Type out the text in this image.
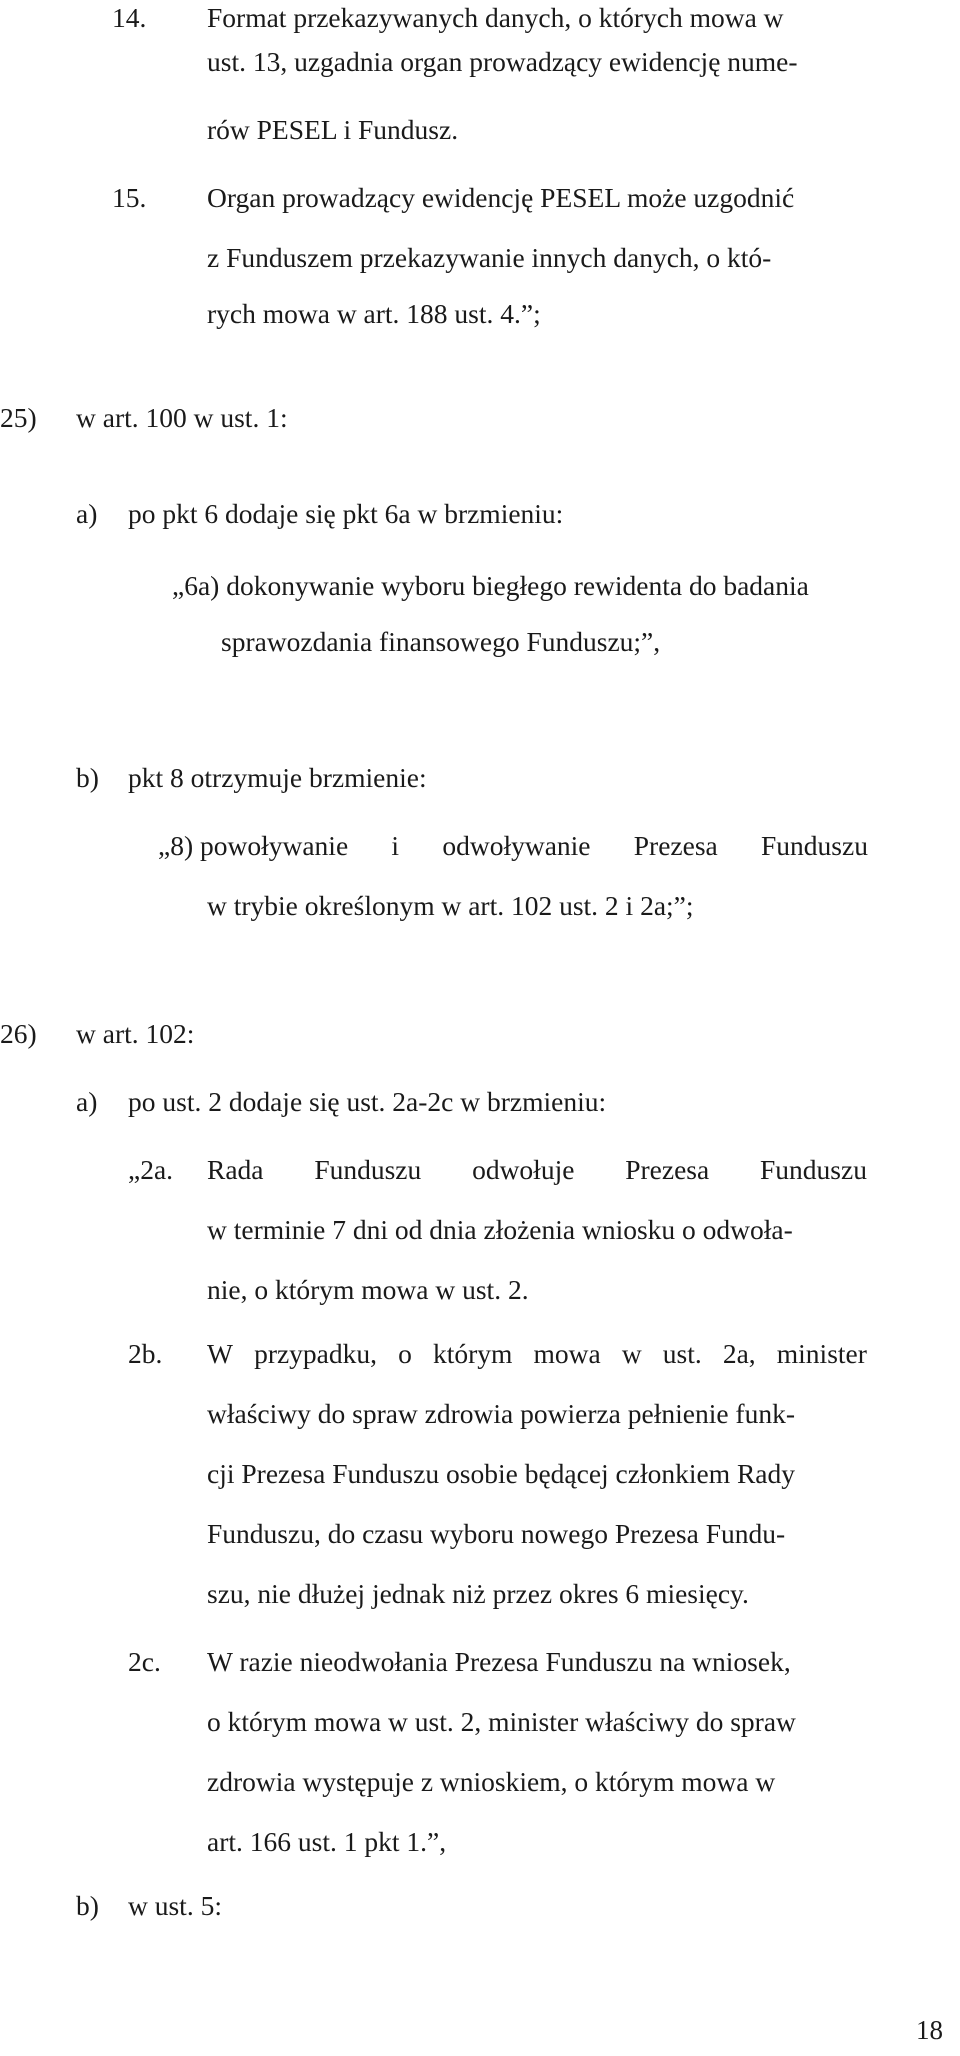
14. Format przekazywanych danych, o których mowa w
ust. 13, uzgadnia organ prowadzący ewidencję nume-
rów PESEL i Fundusz.
15. Organ prowadzący ewidencję PESEL może uzgodnić
z Funduszem przekazywanie innych danych, o któ-
rych mowa w art. 188 ust. 4.”;
25) w art. 100 w ust. 1:
a) po pkt 6 dodaje się pkt 6a w brzmieniu:
„6a) dokonywanie wyboru biegłego rewidenta do badania
sprawozdania finansowego Funduszu;”,
b) pkt 8 otrzymuje brzmienie:
„8) powoływanie i odwoływanie Prezesa Funduszu
w trybie określonym w art. 102 ust. 2 i 2a;”;
26) w art. 102:
a) po ust. 2 dodaje się ust. 2a-2c w brzmieniu:
„2a. Rada Funduszu odwołuje Prezesa Funduszu
w terminie 7 dni od dnia złożenia wniosku o odwoła-
nie, o którym mowa w ust. 2.
2b. W przypadku, o którym mowa w ust. 2a, minister
właściwy do spraw zdrowia powierza pełnienie funk-
cji Prezesa Funduszu osobie będącej członkiem Rady
Funduszu, do czasu wyboru nowego Prezesa Fundu-
szu, nie dłużej jednak niż przez okres 6 miesięcy.
2c. W razie nieodwołania Prezesa Funduszu na wniosek,
o którym mowa w ust. 2, minister właściwy do spraw
zdrowia występuje z wnioskiem, o którym mowa w
art. 166 ust. 1 pkt 1.”,
b) w ust. 5:
18
